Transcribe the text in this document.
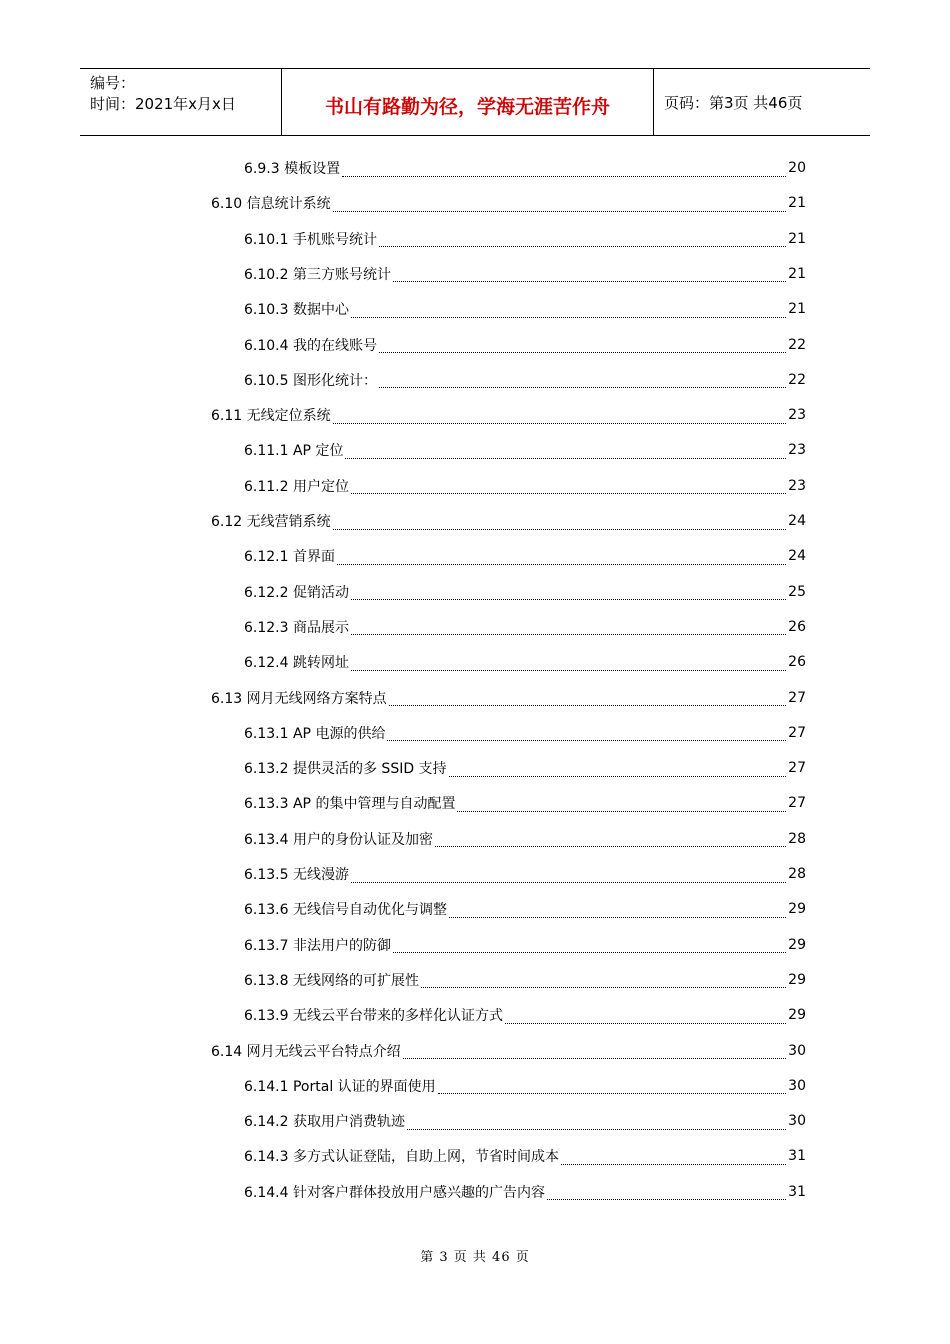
编号：
时间：2021年x月x日	书山有路勤为径，学海无涯苦作舟	页码：第3页 共46页
6.9.3 模板设置	20
6.10 信息统计系统	21
6.10.1 手机账号统计	21
6.10.2 第三方账号统计	21
6.10.3 数据中心	21
6.10.4 我的在线账号	22
6.10.5 图形化统计：	22
6.11 无线定位系统	23
6.11.1 AP 定位	23
6.11.2 用户定位	23
6.12 无线营销系统	24
6.12.1 首界面	24
6.12.2 促销活动	25
6.12.3 商品展示	26
6.12.4 跳转网址	26
6.13 网月无线网络方案特点	27
6.13.1 AP 电源的供给	27
6.13.2 提供灵活的多 SSID 支持	27
6.13.3 AP 的集中管理与自动配置	27
6.13.4 用户的身份认证及加密	28
6.13.5 无线漫游	28
6.13.6 无线信号自动优化与调整	29
6.13.7 非法用户的防御	29
6.13.8 无线网络的可扩展性	29
6.13.9 无线云平台带来的多样化认证方式	29
6.14 网月无线云平台特点介绍	30
6.14.1 Portal 认证的界面使用	30
6.14.2 获取用户消费轨迹	30
6.14.3 多方式认证登陆，自助上网，节省时间成本	31
6.14.4 针对客户群体投放用户感兴趣的广告内容	31
第 3 页 共 46 页
